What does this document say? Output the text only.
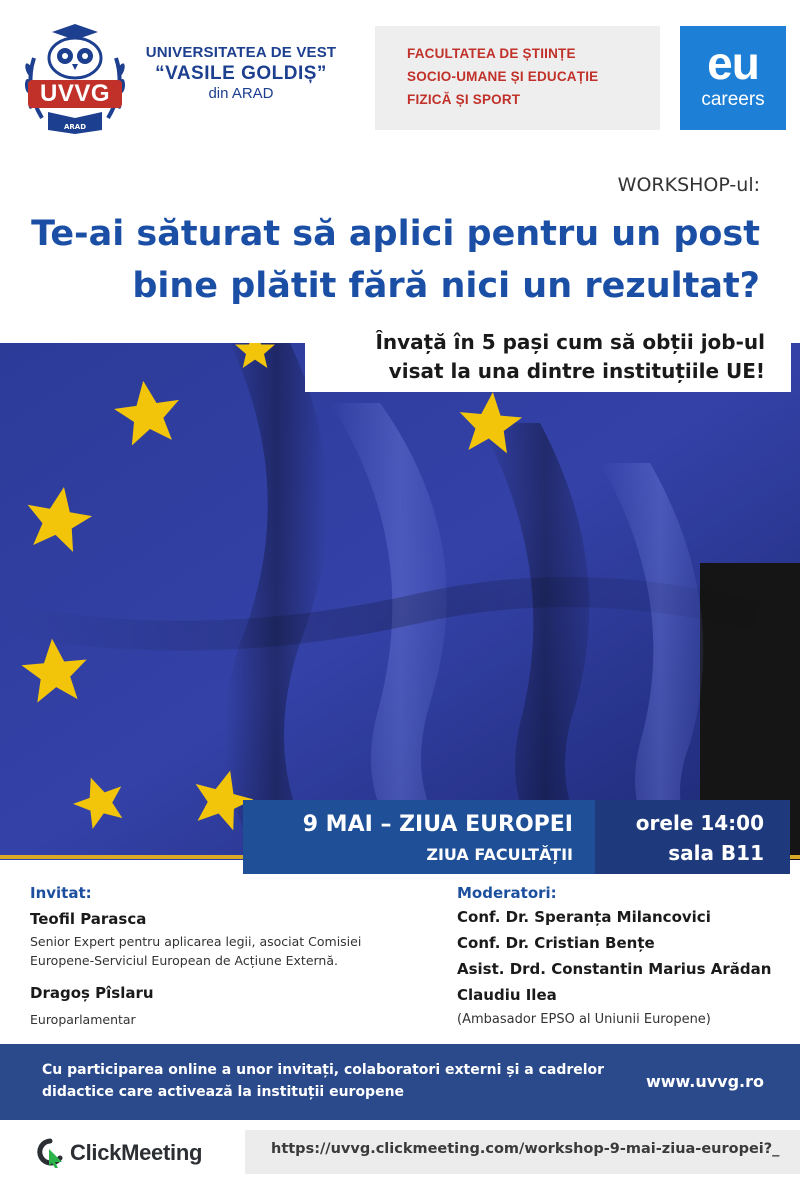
ARAD
UVVG
UNIVERSITATEA DE VEST
“VASILE GOLDIȘ”
din ARAD
FACULTATEA DE ȘTIINȚE
SOCIO-UMANE ȘI EDUCAȚIE
FIZICĂ ȘI SPORT
eu
careers
WORKSHOP-ul:
Te-ai săturat să aplici pentru un post
bine plătit fără nici un rezultat?
Învață în 5 pași cum să obții job-ul
visat la una dintre instituțiile UE!
9 MAI – ZIUA EUROPEI
ZIUA FACULTĂȚII
orele 14:00
sala B11
Invitat:
Teofil Parasca
Senior Expert pentru aplicarea legii, asociat Comisiei
Europene-Serviciul European de Acțiune Externă.
Dragoș Pîslaru
Europarlamentar
Moderatori:
Conf. Dr. Speranța Milancovici
Conf. Dr. Cristian Bențe
Asist. Drd. Constantin Marius Arădan
Claudiu Ilea
(Ambasador EPSO al Uniunii Europene)
Cu participarea online a unor invitați, colaboratori externi și a cadrelor
didactice care activează la instituții europene
www.uvvg.ro
ClickMeeting	https://uvvg.clickmeeting.com/workshop-9-mai-ziua-europei?_
